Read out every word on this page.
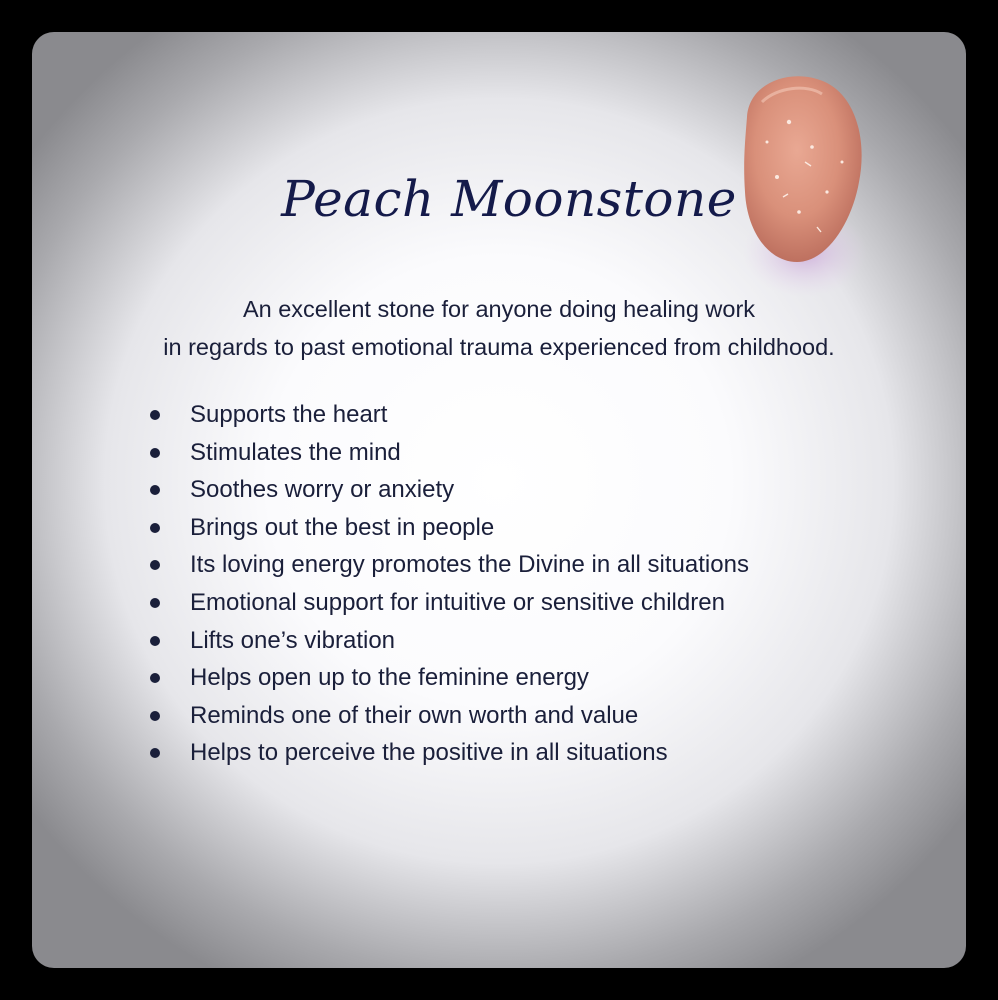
Peach Moonstone
An excellent stone for anyone doing healing work
in regards to past emotional trauma experienced from childhood.
Supports the heart
Stimulates the mind
Soothes worry or anxiety
Brings out the best in people
Its loving energy promotes the Divine in all situations
Emotional support for intuitive or sensitive children
Lifts one’s vibration
Helps open up to the feminine energy
Reminds one of their own worth and value
Helps to perceive the positive in all situations
